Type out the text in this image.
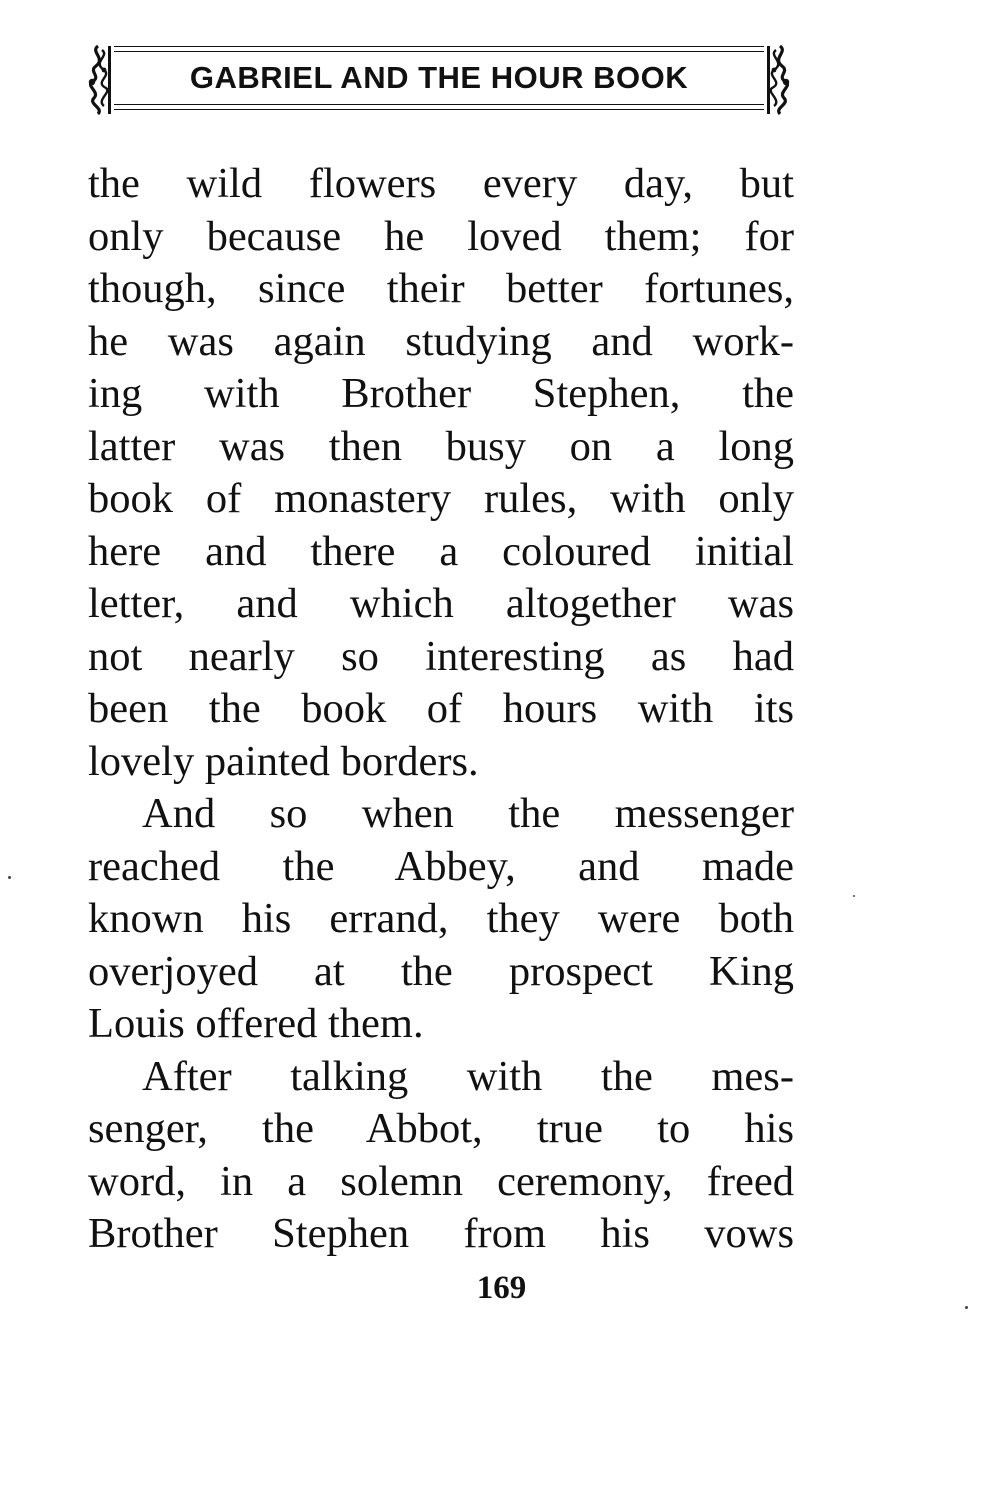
GABRIEL AND THE HOUR BOOK
the wild flowers every day, but
only because he loved them; for
though, since their better fortunes,
he was again studying and work-
ing with Brother Stephen, the
latter was then busy on a long
book of monastery rules, with only
here and there a coloured initial
letter, and which altogether was
not nearly so interesting as had
been the book of hours with its
lovely painted borders.
And so when the messenger
reached the Abbey, and made
known his errand, they were both
overjoyed at the prospect King
Louis offered them.
After talking with the mes-
senger, the Abbot, true to his
word, in a solemn ceremony, freed
Brother Stephen from his vows
169
